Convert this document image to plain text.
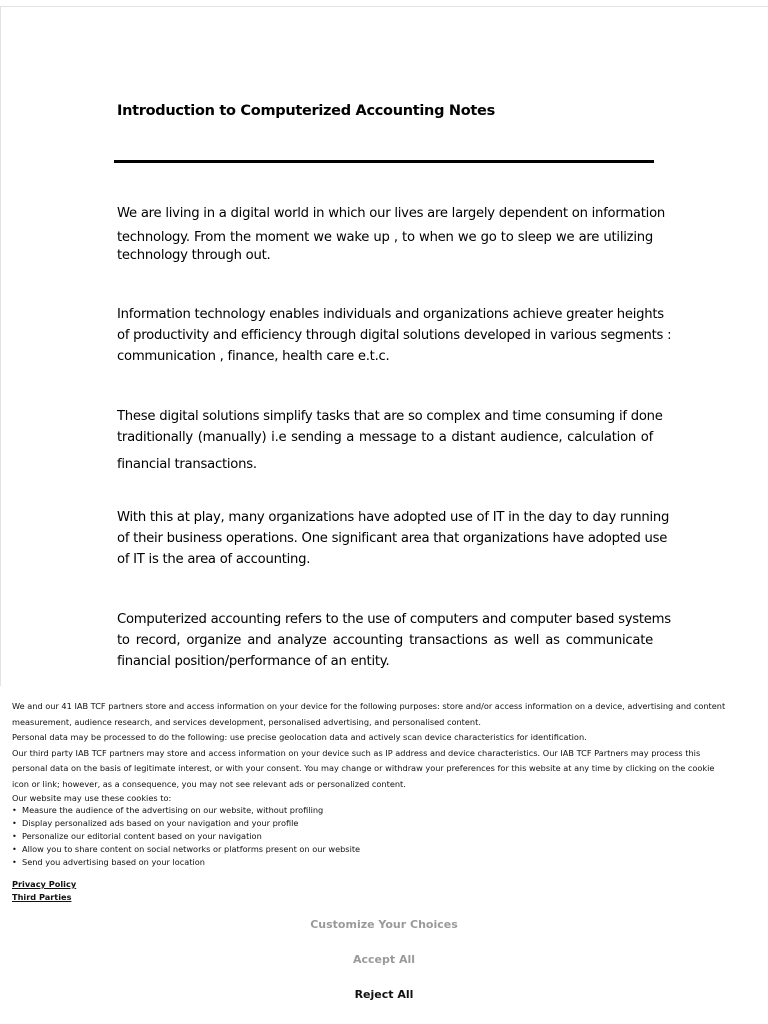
Introduction to Computerized Accounting Notes
We are living in a digital world in which our lives are largely dependent on information
technology. From the moment we wake up , to when we go to sleep we are utilizing
technology through out.
Information technology enables individuals and organizations achieve greater heights
of productivity and efficiency through digital solutions developed in various segments :
communication , finance, health care e.t.c.
These digital solutions simplify tasks that are so complex and time consuming if done
traditionally (manually) i.e sending a message to a distant audience, calculation of
financial transactions.
With this at play, many organizations have adopted use of IT in the day to day running
of their business operations. One significant area that organizations have adopted use
of IT is the area of accounting.
Computerized accounting refers to the use of computers and computer based systems
to record, organize and analyze accounting transactions as well as communicate
financial position/performance of an entity.

We and our 41 IAB TCF partners store and access information on your device for the following purposes: store and/or access information on a device, advertising and content

measurement, audience research, and services development, personalised advertising, and personalised content.

Personal data may be processed to do the following: use precise geolocation data and actively scan device characteristics for identification.

Our third party IAB TCF partners may store and access information on your device such as IP address and device characteristics. Our IAB TCF Partners may process this

personal data on the basis of legitimate interest, or with your consent. You may change or withdraw your preferences for this website at any time by clicking on the cookie

icon or link; however, as a consequence, you may not see relevant ads or personalized content.

Our website may use these cookies to:

• Measure the audience of the advertising on our website, without profiling
• Display personalized ads based on your navigation and your profile
• Personalize our editorial content based on your navigation
• Allow you to share content on social networks or platforms present on our website
• Send you advertising based on your location
Privacy Policy
Third Parties
Customize Your Choices
Accept All
Reject All
